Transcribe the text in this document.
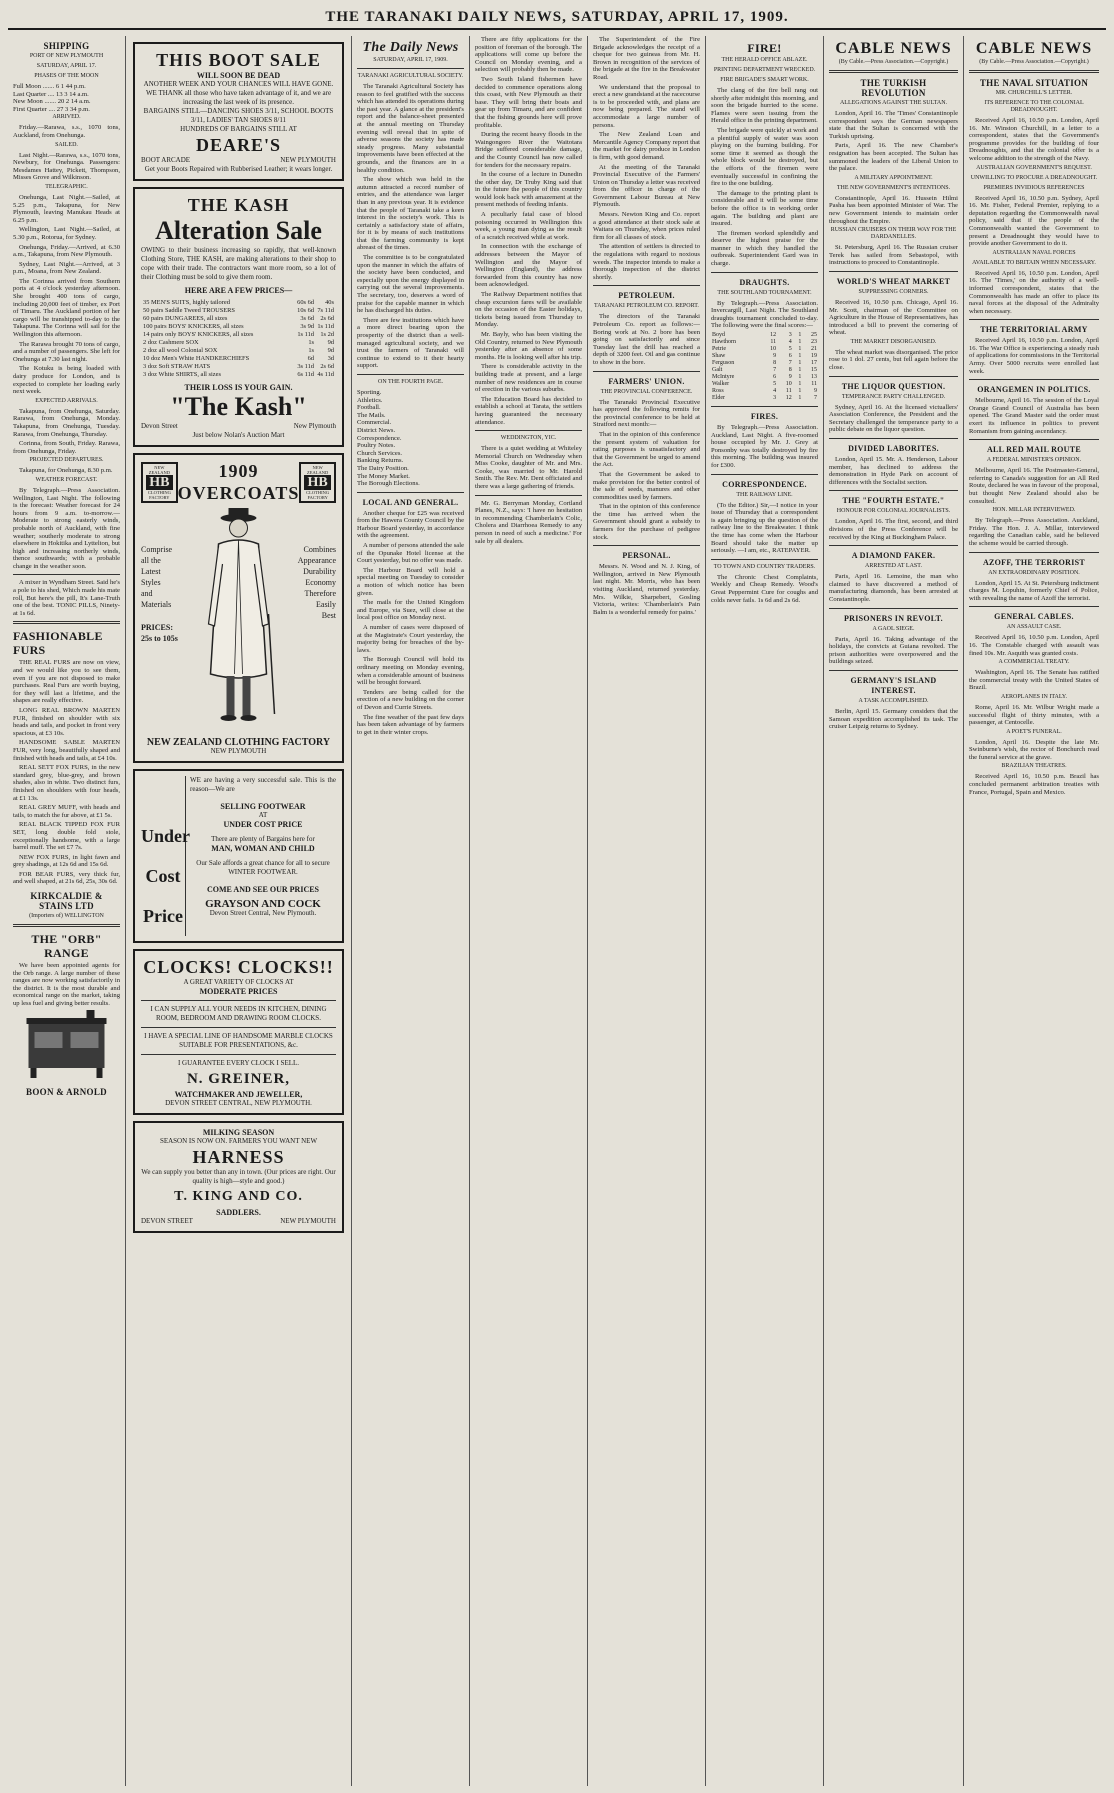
THE TARANAKI DAILY NEWS, SATURDAY, APRIL 17, 1909.
SHIPPING
PORT OF NEW PLYMOUTH
SATURDAY, APRIL 17.
PHASES OF THE MOON
Full Moon ....... 6 1 44 p.m.
Last Quarter .... 13 3 14 a.m.
New Moon ....... 20 2 14 a.m.
First Quarter .... 27 3 34 p.m.
ARRIVED.

Friday.—Rarawa, s.s., 1070 tons, Auckland, from Onehunga.

SAILED.

Last Night.—Rarawa, s.s., 1070 tons, Newbury, for Onehunga. Passengers: Mesdames Hattey, Pickett, Thompson, Misses Grove and Wilkinson.

TELEGRAPHIC.

Onehunga, Last Night.—Sailed, at 5.25 p.m., Takapuna, for New Plymouth, leaving Manukau Heads at 6.25 p.m.

Wellington, Last Night.—Sailed, at 5.30 p.m., Rotorua, for Sydney.

Onehunga, Friday.—Arrived, at 6.30 a.m., Takapuna, from New Plymouth.

Sydney, Last Night.—Arrived, at 3 p.m., Moana, from New Zealand.

The Corinna arrived from Southern ports at 4 o'clock yesterday afternoon. She brought 400 tons of cargo, including 20,000 feet of timber, ex Port of Timaru. The Auckland portion of her cargo will be transhipped to-day to the Takapuna. The Corinna will sail for the Wellington this afternoon.

The Rarawa brought 70 tons of cargo, and a number of passengers. She left for Onehunga at 7.30 last night.

The Kotuku is being loaded with dairy produce for London, and is expected to complete her loading early next week.

EXPECTED ARRIVALS.

Takapuna, from Onehunga, Saturday. Rarawa, from Onehunga, Monday. Takapuna, from Onehunga, Tuesday. Rarawa, from Onehunga, Thursday.

Corinna, from South, Friday. Rarawa, from Onehunga, Friday.

PROJECTED DEPARTURES.

Takapuna, for Onehunga, 8.30 p.m.

WEATHER FORECAST.

By Telegraph.—Press Association. Wellington, Last Night. The following is the forecast: Weather forecast for 24 hours from 9 a.m. to-morrow.—Moderate to strong easterly winds, probable north of Auckland, with fine weather; southerly moderate to strong elsewhere in Hokitika and Lyttelton, but high and increasing northerly winds, thence southwards; with a probable change in the weather soon.

A mixer in Wyndham Street. Said he's a pole to his shed, Which made his mate roll, But here's the pill, It's Lane-Truth one of the best. TONIC PILLS, Ninety-at 1s 6d.

FASHIONABLE FURS

THE REAL FURS are now on view, and we would like you to see them, even if you are not disposed to make purchases. Real Furs are worth buying, for they will last a lifetime, and the shapes are really effective.

LONG REAL BROWN MARTEN FUR, finished on shoulder with six heads and tails, and pocket in front very spacious, at £3 10s.

HANDSOME SABLE MARTEN FUR, very long, beautifully shaped and finished with heads and tails, at £4 10s.

REAL SETT FOX FURS, in the new standard grey, blue-grey, and brown shades, also in white. Two distinct furs, finished on shoulders with four heads, at £1 13s.

REAL GREY MUFF, with heads and tails, to match the fur above, at £1 5s.

REAL BLACK TIPPED FOX FUR SET, long double fold stole, exceptionally handsome, with a large barrel muff. The set £7 7s.

NEW FOX FURS, in light fawn and grey shadings, at 12s 6d and 15s 6d.

FOR BEAR FURS, very thick fur, and well shaped, at 21s 6d, 25s, 30s 6d.

KIRKCALDIE & STAINS LTD
(Importers of) WELLINGTON
THE "ORB" RANGE

We have been appointed agents for the Orb range. A large number of these ranges are now working satisfactorily in the district. It is the most durable and economical range on the market, taking up less fuel and giving better results.

BOON & ARNOLD
THIS BOOT SALE
WILL SOON BE DEAD
ANOTHER WEEK AND YOUR CHANCES WILL HAVE GONE.
WE THANK all those who have taken advantage of it, and we are increasing the last week of its presence.
BARGAINS STILL—DANCING SHOES 3/11, SCHOOL BOOTS 3/11, LADIES' TAN SHOES 8/11
HUNDREDS OF BARGAINS STILL AT
DEARE'S
BOOT ARCADE	NEW PLYMOUTH
Get your Boots Repaired with Rubberised Leather; it wears longer.
THE KASH
Alteration Sale
OWING to their business increasing so rapidly, that well-known Clothing Store, THE KASH, are making alterations to their shop to cope with their trade. The contractors want more room, so a lot of their Clothing must be sold to give them room.
HERE ARE A FEW PRICES—
35 MEN'S SUITS, highly tailored	60s 6d	40s
50 pairs Saddle Tweed TROUSERS	10s 6d 7s 11d
60 pairs DUNGAREES, all sizes	3s 6d 2s 6d
100 pairs BOYS' KNICKERS, all sizes	3s 9d 1s 11d
14 pairs only BOYS' KNICKERS, all sizes	1s 11d 1s 2d
2 doz Cashmere SOX	1s	9d
2 doz all wool Colonial SOX	1s	9d
10 doz Men's White HANDKERCHIEFS	6d	3d
3 doz Soft STRAW HATS	3s 11d 2s 6d
3 doz White SHIRTS, all sizes	6s 11d 4s 11d
THEIR LOSS IS YOUR GAIN.
"The Kash"
Devon Street	New Plymouth
Just below Nolan's Auction Mart
NEW ZEALAND
HB
CLOTHING FACTORY
1909
OVERCOATS
NEW ZEALAND
HB
CLOTHING FACTORY
Comprise
all the
Latest
Styles
and
Materials
PRICES:
25s to 105s
Combines
Appearance
Durability
Economy
Therefore
Easily
Best
NEW ZEALAND CLOTHING FACTORY
NEW PLYMOUTH
Under
Cost
Price
WE are having a very successful sale. This is the reason—We are
SELLING FOOTWEAR
AT
UNDER COST PRICE
There are plenty of Bargains here for
MAN, WOMAN AND CHILD
Our Sale affords a great chance for all to secure WINTER FOOTWEAR.
COME AND SEE OUR PRICES
GRAYSON AND COCK
Devon Street Central, New Plymouth.
CLOCKS! CLOCKS!!
A GREAT VARIETY OF CLOCKS AT
MODERATE PRICES
I CAN SUPPLY ALL YOUR NEEDS IN KITCHEN, DINING ROOM, BEDROOM AND DRAWING ROOM CLOCKS.
I HAVE A SPECIAL LINE OF HANDSOME MARBLE CLOCKS SUITABLE FOR PRESENTATIONS, &c.
I GUARANTEE EVERY CLOCK I SELL.
N. GREINER,
WATCHMAKER AND JEWELLER,
DEVON STREET CENTRAL, NEW PLYMOUTH.
MILKING SEASON
SEASON IS NOW ON. FARMERS YOU WANT NEW
HARNESS
We can supply you better than any in town. (Our prices are right. Our quality is high—style and good.)
T. KING AND CO.
SADDLERS.
DEVON STREET	NEW PLYMOUTH
The Daily News
SATURDAY, APRIL 17, 1909.
TARANAKI AGRICULTURAL SOCIETY.

The Taranaki Agricultural Society has reason to feel gratified with the success which has attended its operations during the past year. A glance at the president's report and the balance-sheet presented at the annual meeting on Thursday evening will reveal that in spite of adverse seasons the society has made steady progress. Many substantial improvements have been effected at the grounds, and the finances are in a healthy condition.

The show which was held in the autumn attracted a record number of entries, and the attendance was larger than in any previous year. It is evidence that the people of Taranaki take a keen interest in the society's work. This is certainly a satisfactory state of affairs, for it is by means of such institutions that the farming community is kept abreast of the times.

The committee is to be congratulated upon the manner in which the affairs of the society have been conducted, and especially upon the energy displayed in carrying out the several improvements. The secretary, too, deserves a word of praise for the capable manner in which he has discharged his duties.

There are few institutions which have a more direct bearing upon the prosperity of the district than a well-managed agricultural society, and we trust the farmers of Taranaki will continue to extend to it their hearty support.

ON THE FOURTH PAGE.
Sporting.
Athletics.
Football.
The Mails.
Commercial.
District News.
Correspondence.
Poultry Notes.
Church Services.
Banking Returns.
The Dairy Position.
The Money Market.
The Borough Elections.
LOCAL AND GENERAL.

Another cheque for £25 was received from the Hawera County Council by the Harbour Board yesterday, in accordance with the agreement.

A number of persons attended the sale of the Opunake Hotel license at the Court yesterday, but no offer was made.

The Harbour Board will hold a special meeting on Tuesday to consider a motion of which notice has been given.

The mails for the United Kingdom and Europe, via Suez, will close at the local post office on Monday next.

A number of cases were disposed of at the Magistrate's Court yesterday, the majority being for breaches of the by-laws.

The Borough Council will hold its ordinary meeting on Monday evening, when a considerable amount of business will be brought forward.

Tenders are being called for the erection of a new building on the corner of Devon and Currie Streets.

The fine weather of the past few days has been taken advantage of by farmers to get in their winter crops.

There are fifty applications for the position of foreman of the borough. The applications will come up before the Council on Monday evening, and a selection will probably then be made.

Two South Island fishermen have decided to commence operations along this coast, with New Plymouth as their base. They will bring their boats and gear up from Timaru, and are confident that the fishing grounds here will prove profitable.

During the recent heavy floods in the Waingongoro River the Waitotara Bridge suffered considerable damage, and the County Council has now called for tenders for the necessary repairs.

In the course of a lecture in Dunedin the other day, Dr Truby King said that in the future the people of this country would look back with amazement at the present methods of feeding infants.

A peculiarly fatal case of blood poisoning occurred in Wellington this week, a young man dying as the result of a scratch received while at work.

In connection with the exchange of addresses between the Mayor of Wellington and the Mayor of Wellington (England), the address forwarded from this country has now been acknowledged.

The Railway Department notifies that cheap excursion fares will be available on the occasion of the Easter holidays, tickets being issued from Thursday to Monday.

Mr. Bayly, who has been visiting the Old Country, returned to New Plymouth yesterday after an absence of some months. He is looking well after his trip.

There is considerable activity in the building trade at present, and a large number of new residences are in course of erection in the various suburbs.

The Education Board has decided to establish a school at Tarata, the settlers having guaranteed the necessary attendance.

WEDDINGTON, YIC.

There is a quiet wedding at Whiteley Memorial Church on Wednesday when Miss Cooke, daughter of Mr. and Mrs. Cooke, was married to Mr. Harold Smith. The Rev. Mr. Dent officiated and there was a large gathering of friends.

Mr. G. Berryman Monday, Cortland Planes, N.Z., says: 'I have no hesitation in recommending Chamberlain's Colic, Cholera and Diarrhoea Remedy to any person in need of such a medicine.' For sale by all dealers.

The Superintendent of the Fire Brigade acknowledges the receipt of a cheque for two guineas from Mr. H. Brown in recognition of the services of the brigade at the fire in the Breakwater Road.

We understand that the proposal to erect a new grandstand at the racecourse is to be proceeded with, and plans are now being prepared. The stand will accommodate a large number of persons.

The New Zealand Loan and Mercantile Agency Company report that the market for dairy produce in London is firm, with good demand.

At the meeting of the Taranaki Provincial Executive of the Farmers' Union on Thursday a letter was received from the officer in charge of the Government Labour Bureau at New Plymouth.

Messrs. Newton King and Co. report a good attendance at their stock sale at Waitara on Thursday, when prices ruled firm for all classes of stock.

The attention of settlers is directed to the regulations with regard to noxious weeds. The inspector intends to make a thorough inspection of the district shortly.

PETROLEUM.
TARANAKI PETROLEUM CO. REPORT.

The directors of the Taranaki Petroleum Co. report as follows:—Boring work at No. 2 bore has been going on satisfactorily and since Tuesday last the drill has reached a depth of 3200 feet. Oil and gas continue to show in the bore.

FARMERS' UNION.
THE PROVINCIAL CONFERENCE.

The Taranaki Provincial Executive has approved the following remits for the provincial conference to be held at Stratford next month:—

That in the opinion of this conference the present system of valuation for rating purposes is unsatisfactory and that the Government be urged to amend the Act.

That the Government be asked to make provision for the better control of the sale of seeds, manures and other commodities used by farmers.

That in the opinion of this conference the time has arrived when the Government should grant a subsidy to farmers for the purchase of pedigree stock.

PERSONAL.

Messrs. N. Wood and N. J. King, of Wellington, arrived in New Plymouth last night. Mr. Morris, who has been visiting Auckland, returned yesterday. Mrs. Wilkie, Sharpebert, Gosling Victoria, writes: 'Chamberlain's Pain Balm is a wonderful remedy for pains.'

FIRE!
THE HERALD OFFICE ABLAZE.
PRINTING DEPARTMENT WRECKED.
FIRE BRIGADE'S SMART WORK.

The clang of the fire bell rang out shortly after midnight this morning, and soon the brigade hurried to the scene. Flames were seen issuing from the Herald office in the printing department.

The brigade were quickly at work and a plentiful supply of water was soon playing on the burning building. For some time it seemed as though the whole block would be destroyed, but the efforts of the firemen were eventually successful in confining the fire to the one building.

The damage to the printing plant is considerable and it will be some time before the office is in working order again. The building and plant are insured.

The firemen worked splendidly and deserve the highest praise for the manner in which they handled the outbreak. Superintendent Gard was in charge.

DRAUGHTS.
THE SOUTHLAND TOURNAMENT.

By Telegraph.—Press Association. Invercargill, Last Night. The Southland draughts tournament concluded to-day. The following were the final scores:—

Boyd	12	3	1	25
Hawthorn	11	4	1	23
Petrie	10	5	1	21
Shaw	9	6	1	19
Ferguson	8	7	1	17
Galt	7	8	1	15
McIntyre	6	9	1	13
Walker	5	10	1	11
Ross	4	11	1	9
Elder	3	12	1	7
FIRES.

By Telegraph.—Press Association. Auckland, Last Night. A five-roomed house occupied by Mr. J. Grey at Ponsonby was totally destroyed by fire this morning. The building was insured for £300.

CORRESPONDENCE.
THE RAILWAY LINE.

(To the Editor.) Sir,—I notice in your issue of Thursday that a correspondent is again bringing up the question of the railway line to the Breakwater. I think the time has come when the Harbour Board should take the matter up seriously. —I am, etc., RATEPAYER.

TO TOWN AND COUNTRY TRADERS.

The Chronic Chest Complaints, Weekly and Cheap Remedy. Wood's Great Peppermint Cure for coughs and colds never fails. 1s 6d and 2s 6d.

CABLE NEWS
(By Cable.—Press Association.—Copyright.)
THE TURKISH REVOLUTION
ALLEGATIONS AGAINST THE SULTAN.

London, April 16. The 'Times' Constantinople correspondent says the German newspapers state that the Sultan is concerned with the Turkish uprising.

Paris, April 16. The new Chamber's resignation has been accepted. The Sultan has summoned the leaders of the Liberal Union to the palace.

A MILITARY APPOINTMENT.
THE NEW GOVERNMENT'S INTENTIONS.

Constantinople, April 16. Hussein Hilmi Pasha has been appointed Minister of War. The new Government intends to maintain order throughout the Empire.

RUSSIAN CRUISERS ON THEIR WAY FOR THE DARDANELLES.

St. Petersburg, April 16. The Russian cruiser Terek has sailed from Sebastopol, with instructions to proceed to Constantinople.

WORLD'S WHEAT MARKET
SUPPRESSING CORNERS.

Received 16, 10.50 p.m. Chicago, April 16. Mr. Scott, chairman of the Committee on Agriculture in the House of Representatives, has introduced a bill to prevent the cornering of wheat.

THE MARKET DISORGANISED.

The wheat market was disorganised. The price rose to 1 dol. 27 cents, but fell again before the close.

THE LIQUOR QUESTION.
TEMPERANCE PARTY CHALLENGED.

Sydney, April 16. At the licensed victuallers' Association Conference, the President and the Secretary challenged the temperance party to a public debate on the liquor question.

DIVIDED LABORITES.

London, April 15. Mr. A. Henderson, Labour member, has declined to address the demonstration in Hyde Park on account of differences with the Socialist section.

THE "FOURTH ESTATE."
HONOUR FOR COLONIAL JOURNALISTS.

London, April 16. The first, second, and third divisions of the Press Conference will be received by the King at Buckingham Palace.

A DIAMOND FAKER.
ARRESTED AT LAST.

Paris, April 16. Lemoine, the man who claimed to have discovered a method of manufacturing diamonds, has been arrested at Constantinople.

PRISONERS IN REVOLT.
A GAOL SIEGE.

Paris, April 16. Taking advantage of the holidays, the convicts at Guiana revolted. The prison authorities were overpowered and the buildings seized.

GERMANY'S ISLAND INTEREST.
A TASK ACCOMPLISHED.

Berlin, April 15. Germany considers that the Samoan expedition accomplished its task. The cruiser Leipzig returns to Sydney.

CABLE NEWS
(By Cable.—Press Association.—Copyright.)
THE NAVAL SITUATION
MR. CHURCHILL'S LETTER.
ITS REFERENCE TO THE COLONIAL DREADNOUGHT.

Received April 16, 10.50 p.m. London, April 16. Mr. Winston Churchill, in a letter to a correspondent, states that the Government's programme provides for the building of four Dreadnoughts, and that the colonial offer is a welcome addition to the strength of the Navy.

AUSTRALIAN GOVERNMENT'S REQUEST.
UNWILLING TO PROCURE A DREADNOUGHT.
PREMIERS INVIDIOUS REFERENCES

Received April 16, 10.50 p.m. Sydney, April 16. Mr. Fisher, Federal Premier, replying to a deputation regarding the Commonwealth naval policy, said that if the people of the Commonwealth wanted the Government to present a Dreadnought they would have to provide another Government to do it.

AUSTRALIAN NAVAL FORCES
AVAILABLE TO BRITAIN WHEN NECESSARY.

Received April 16, 10.50 p.m. London, April 16. The 'Times,' on the authority of a well-informed correspondent, states that the Commonwealth has made an offer to place its naval forces at the disposal of the Admiralty when necessary.

THE TERRITORIAL ARMY

Received April 16, 10.50 p.m. London, April 16. The War Office is experiencing a steady rush of applications for commissions in the Territorial Army. Over 5000 recruits were enrolled last week.

ORANGEMEN IN POLITICS.

Melbourne, April 16. The session of the Loyal Orange Grand Council of Australia has been opened. The Grand Master said the order must exert its influence in politics to prevent Romanism from gaining ascendancy.

ALL RED MAIL ROUTE
A FEDERAL MINISTER'S OPINION.

Melbourne, April 16. The Postmaster-General, referring to Canada's suggestion for an All Red Route, declared he was in favour of the proposal, but thought New Zealand should also be consulted.

HON. MILLAR INTERVIEWED.

By Telegraph.—Press Association. Auckland, Friday. The Hon. J. A. Millar, interviewed regarding the Canadian cable, said he believed the scheme would be carried through.

AZOFF, THE TERRORIST
AN EXTRAORDINARY POSITION.

London, April 15. At St. Petersburg indictment charges M. Lopuhin, formerly Chief of Police, with revealing the name of Azoff the terrorist.

GENERAL CABLES.
AN ASSAULT CASE.

Received April 16, 10.50 p.m. London, April 16. The Constable charged with assault was fined 10s. Mr. Asquith was granted costs.

A COMMERCIAL TREATY.

Washington, April 16. The Senate has ratified the commercial treaty with the United States of Brazil.

AEROPLANES IN ITALY.

Rome, April 16. Mr. Wilbur Wright made a successful flight of thirty minutes, with a passenger, at Centocelle.

A POET'S FUNERAL.

London, April 16. Despite the late Mr. Swinburne's wish, the rector of Bonchurch read the funeral service at the grave.

BRAZILIAN THEATRES.

Received April 16, 10.50 p.m. Brazil has concluded permanent arbitration treaties with France, Portugal, Spain and Mexico.
